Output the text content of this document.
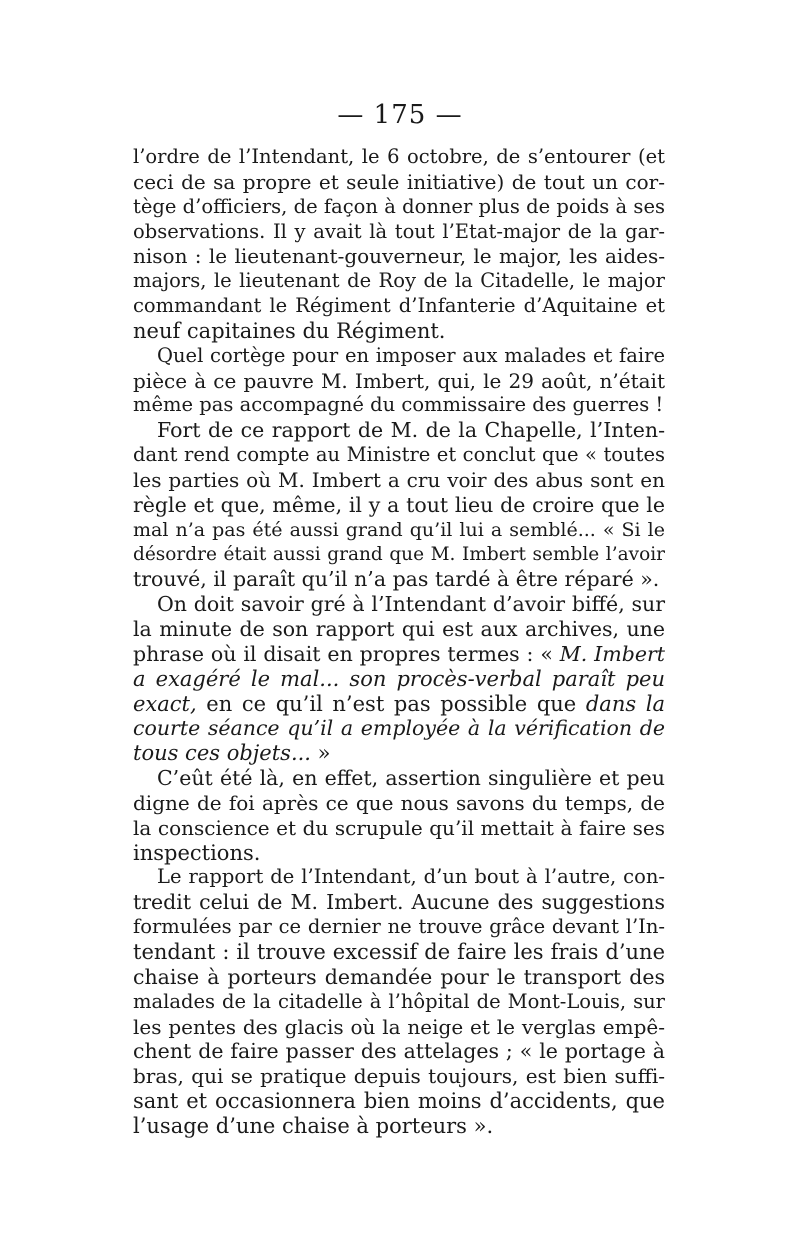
— 175 —
l’ordre de l’Intendant, le 6 octobre, de s’entourer (et
ceci de sa propre et seule initiative) de tout un cor-
tège d’officiers, de façon à donner plus de poids à ses
observations. Il y avait là tout l’Etat-major de la gar-
nison : le lieutenant-gouverneur, le major, les aides-
majors, le lieutenant de Roy de la Citadelle, le major
commandant le Régiment d’Infanterie d’Aquitaine et
neuf capitaines du Régiment.
Quel cortège pour en imposer aux malades et faire
pièce à ce pauvre M. Imbert, qui, le 29 août, n’était
même pas accompagné du commissaire des guerres !
Fort de ce rapport de M. de la Chapelle, l’Inten-
dant rend compte au Ministre et conclut que « toutes
les parties où M. Imbert a cru voir des abus sont en
règle et que, même, il y a tout lieu de croire que le
mal n’a pas été aussi grand qu’il lui a semblé... « Si le
désordre était aussi grand que M. Imbert semble l’avoir
trouvé, il paraît qu’il n’a pas tardé à être réparé ».
On doit savoir gré à l’Intendant d’avoir biffé, sur
la minute de son rapport qui est aux archives, une
phrase où il disait en propres termes : « M. Imbert
a exagéré le mal... son procès-verbal paraît peu
exact, en ce qu’il n’est pas possible que dans la
courte séance qu’il a employée à la vérification de
tous ces objets... »
C’eût été là, en effet, assertion singulière et peu
digne de foi après ce que nous savons du temps, de
la conscience et du scrupule qu’il mettait à faire ses
inspections.
Le rapport de l’Intendant, d’un bout à l’autre, con-
tredit celui de M. Imbert. Aucune des suggestions
formulées par ce dernier ne trouve grâce devant l’In-
tendant : il trouve excessif de faire les frais d’une
chaise à porteurs demandée pour le transport des
malades de la citadelle à l’hôpital de Mont-Louis, sur
les pentes des glacis où la neige et le verglas empê-
chent de faire passer des attelages ; « le portage à
bras, qui se pratique depuis toujours, est bien suffi-
sant et occasionnera bien moins d’accidents, que
l’usage d’une chaise à porteurs ».
